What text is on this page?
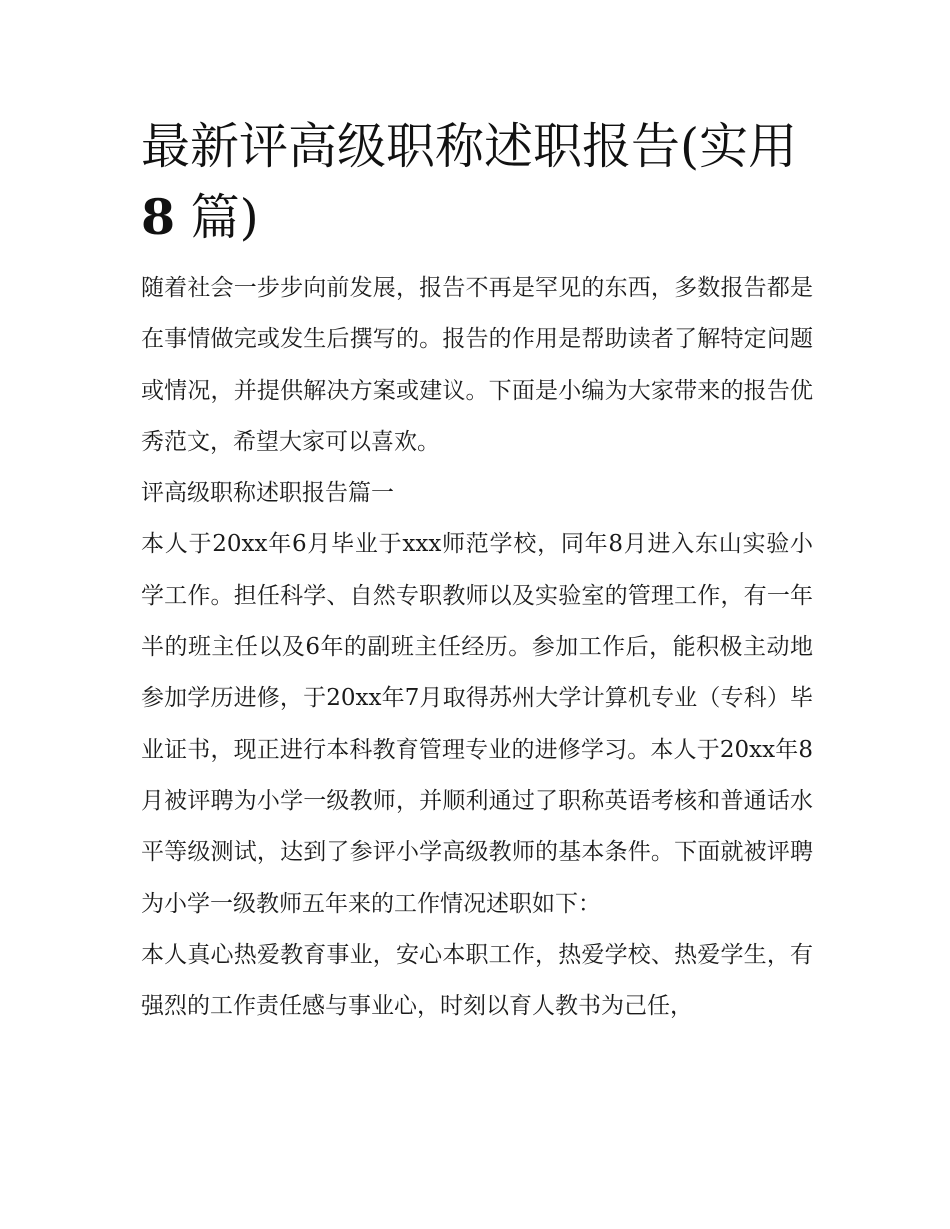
最新评高级职称述职报告(实用
8 篇)

随着社会一步步向前发展，报告不再是罕见的东西，多数报告都是在事情做完或发生后撰写的。报告的作用是帮助读者了解特定问题或情况，并提供解决方案或建议。下面是小编为大家带来的报告优秀范文，希望大家可以喜欢。

评高级职称述职报告篇一

本人于20xx年6月毕业于xxx师范学校，同年8月进入东山实验小学工作。担任科学、自然专职教师以及实验室的管理工作，有一年半的班主任以及6年的副班主任经历。参加工作后，能积极主动地参加学历进修，于20xx年7月取得苏州大学计算机专业（专科）毕业证书，现正进行本科教育管理专业的进修学习。本人于20xx年8月被评聘为小学一级教师，并顺利通过了职称英语考核和普通话水平等级测试，达到了参评小学高级教师的基本条件。下面就被评聘为小学一级教师五年来的工作情况述职如下：

本人真心热爱教育事业，安心本职工作，热爱学校、热爱学生，有强烈的工作责任感与事业心，时刻以育人教书为己任，
